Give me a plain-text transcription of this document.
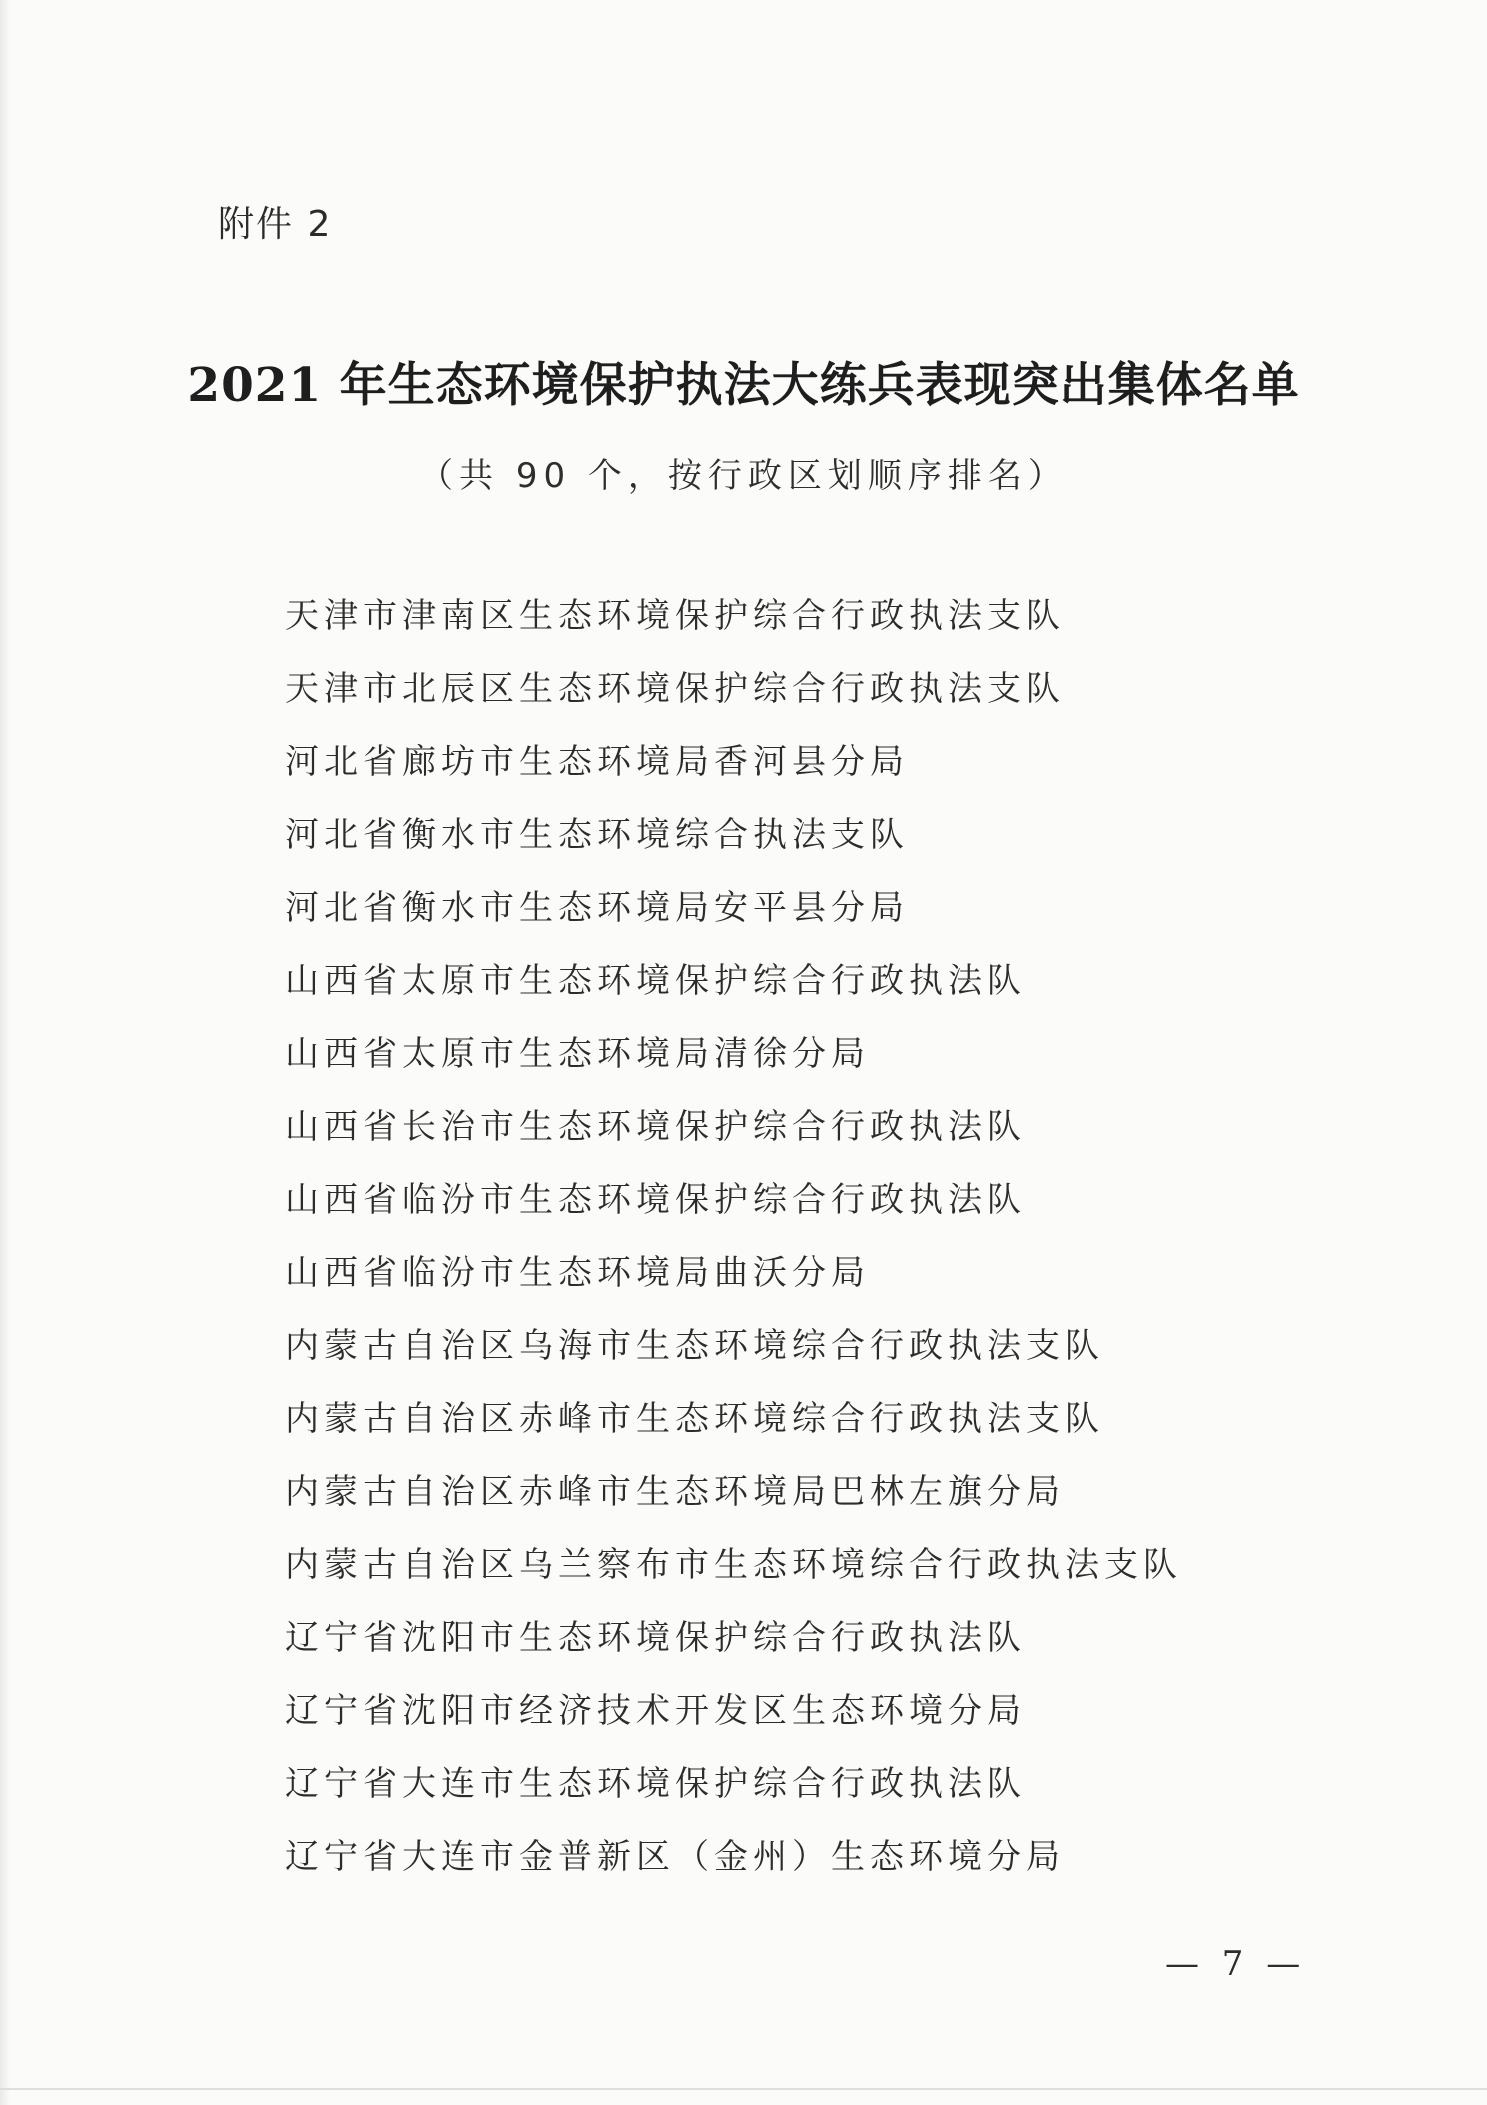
附件 2
2021 年生态环境保护执法大练兵表现突出集体名单
（共 90 个，按行政区划顺序排名）
天津市津南区生态环境保护综合行政执法支队
天津市北辰区生态环境保护综合行政执法支队
河北省廊坊市生态环境局香河县分局
河北省衡水市生态环境综合执法支队
河北省衡水市生态环境局安平县分局
山西省太原市生态环境保护综合行政执法队
山西省太原市生态环境局清徐分局
山西省长治市生态环境保护综合行政执法队
山西省临汾市生态环境保护综合行政执法队
山西省临汾市生态环境局曲沃分局
内蒙古自治区乌海市生态环境综合行政执法支队
内蒙古自治区赤峰市生态环境综合行政执法支队
内蒙古自治区赤峰市生态环境局巴林左旗分局
内蒙古自治区乌兰察布市生态环境综合行政执法支队
辽宁省沈阳市生态环境保护综合行政执法队
辽宁省沈阳市经济技术开发区生态环境分局
辽宁省大连市生态环境保护综合行政执法队
辽宁省大连市金普新区（金州）生态环境分局
— 7 —
